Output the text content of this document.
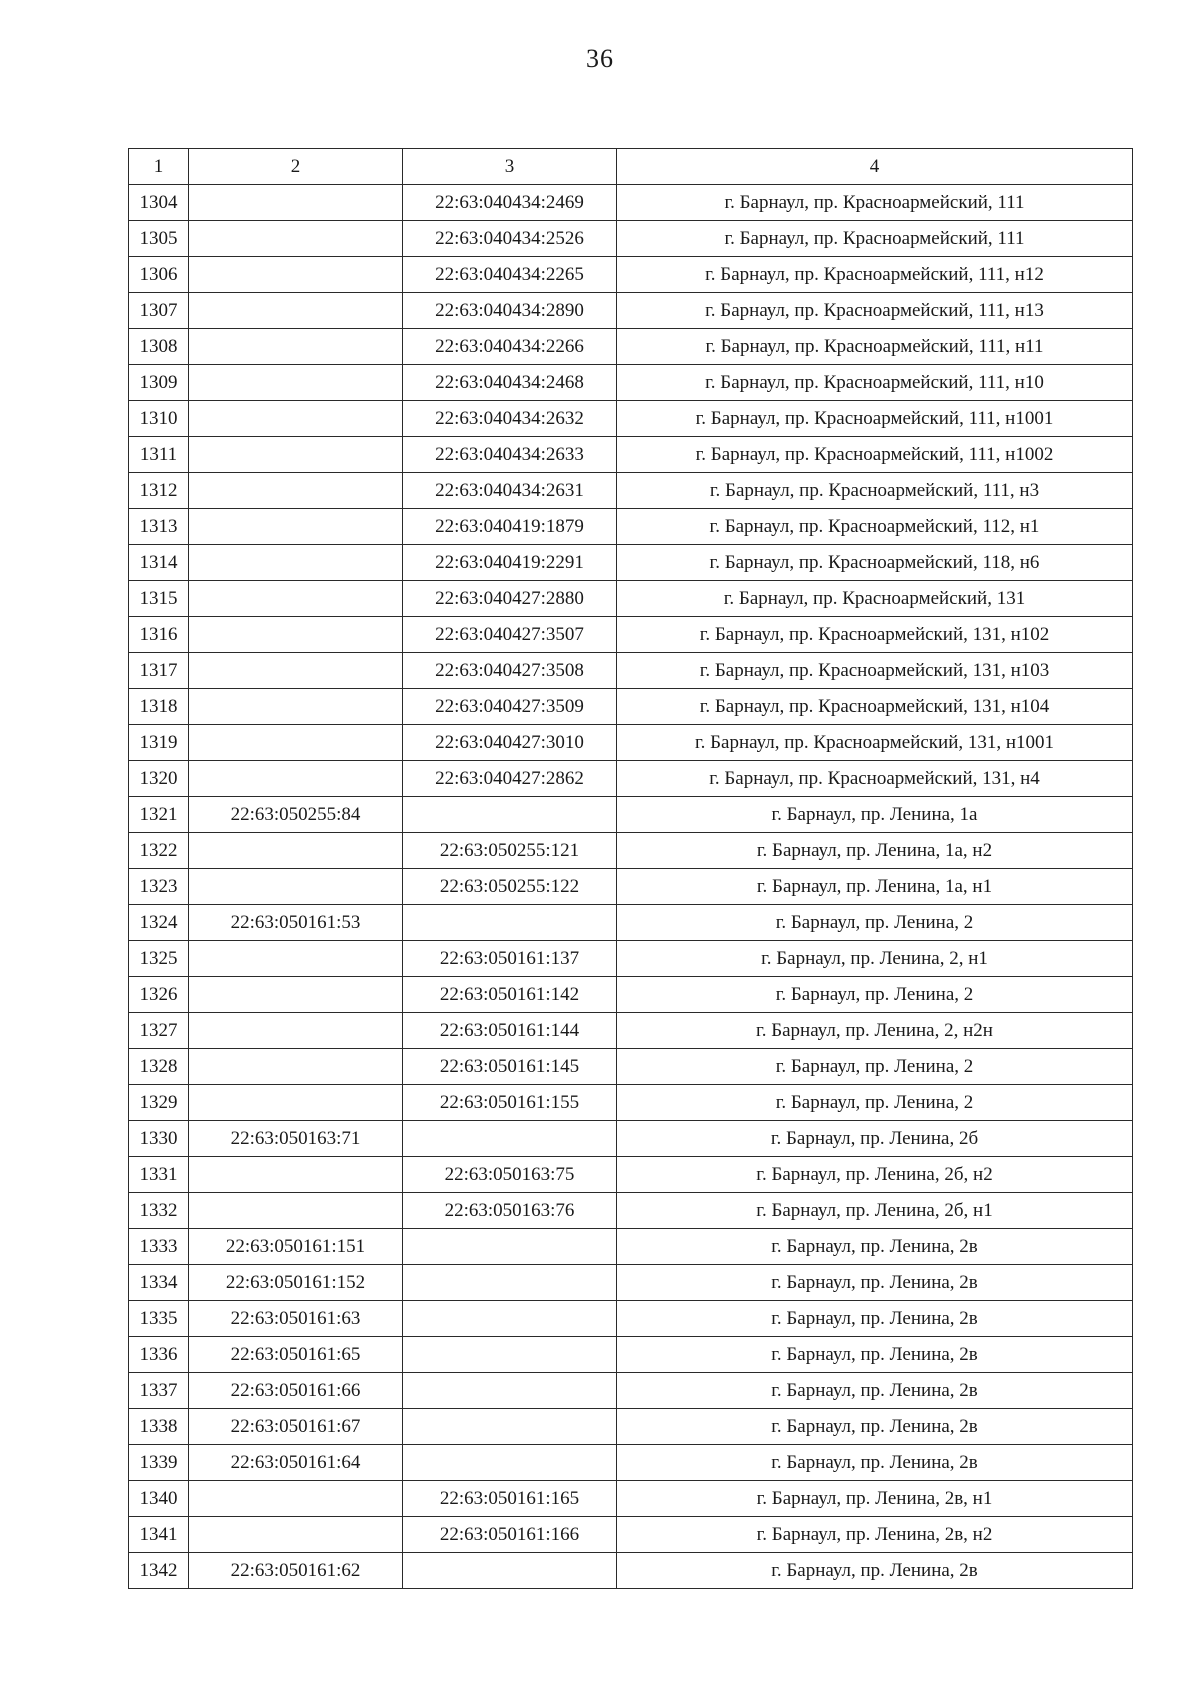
36
1	2	3	4
1304		22:63:040434:2469	г. Барнаул, пр. Красноармейский, 111
1305		22:63:040434:2526	г. Барнаул, пр. Красноармейский, 111
1306		22:63:040434:2265	г. Барнаул, пр. Красноармейский, 111, н12
1307		22:63:040434:2890	г. Барнаул, пр. Красноармейский, 111, н13
1308		22:63:040434:2266	г. Барнаул, пр. Красноармейский, 111, н11
1309		22:63:040434:2468	г. Барнаул, пр. Красноармейский, 111, н10
1310		22:63:040434:2632	г. Барнаул, пр. Красноармейский, 111, н1001
1311		22:63:040434:2633	г. Барнаул, пр. Красноармейский, 111, н1002
1312		22:63:040434:2631	г. Барнаул, пр. Красноармейский, 111, н3
1313		22:63:040419:1879	г. Барнаул, пр. Красноармейский, 112, н1
1314		22:63:040419:2291	г. Барнаул, пр. Красноармейский, 118, н6
1315		22:63:040427:2880	г. Барнаул, пр. Красноармейский, 131
1316		22:63:040427:3507	г. Барнаул, пр. Красноармейский, 131, н102
1317		22:63:040427:3508	г. Барнаул, пр. Красноармейский, 131, н103
1318		22:63:040427:3509	г. Барнаул, пр. Красноармейский, 131, н104
1319		22:63:040427:3010	г. Барнаул, пр. Красноармейский, 131, н1001
1320		22:63:040427:2862	г. Барнаул, пр. Красноармейский, 131, н4
1321	22:63:050255:84		г. Барнаул, пр. Ленина, 1а
1322		22:63:050255:121	г. Барнаул, пр. Ленина, 1а, н2
1323		22:63:050255:122	г. Барнаул, пр. Ленина, 1а, н1
1324	22:63:050161:53		г. Барнаул, пр. Ленина, 2
1325		22:63:050161:137	г. Барнаул, пр. Ленина, 2, н1
1326		22:63:050161:142	г. Барнаул, пр. Ленина, 2
1327		22:63:050161:144	г. Барнаул, пр. Ленина, 2, н2н
1328		22:63:050161:145	г. Барнаул, пр. Ленина, 2
1329		22:63:050161:155	г. Барнаул, пр. Ленина, 2
1330	22:63:050163:71		г. Барнаул, пр. Ленина, 2б
1331		22:63:050163:75	г. Барнаул, пр. Ленина, 2б, н2
1332		22:63:050163:76	г. Барнаул, пр. Ленина, 2б, н1
1333	22:63:050161:151		г. Барнаул, пр. Ленина, 2в
1334	22:63:050161:152		г. Барнаул, пр. Ленина, 2в
1335	22:63:050161:63		г. Барнаул, пр. Ленина, 2в
1336	22:63:050161:65		г. Барнаул, пр. Ленина, 2в
1337	22:63:050161:66		г. Барнаул, пр. Ленина, 2в
1338	22:63:050161:67		г. Барнаул, пр. Ленина, 2в
1339	22:63:050161:64		г. Барнаул, пр. Ленина, 2в
1340		22:63:050161:165	г. Барнаул, пр. Ленина, 2в, н1
1341		22:63:050161:166	г. Барнаул, пр. Ленина, 2в, н2
1342	22:63:050161:62		г. Барнаул, пр. Ленина, 2в
